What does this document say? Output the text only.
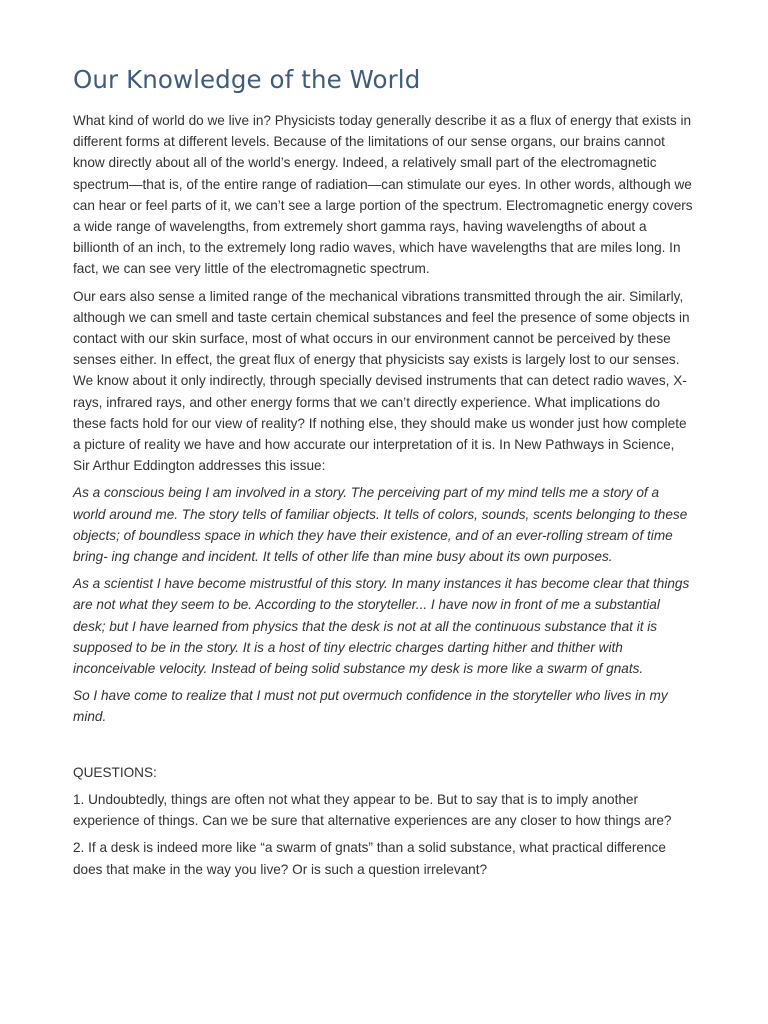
Our Knowledge of the World

What kind of world do we live in? Physicists today generally describe it as a flux of energy that exists in different forms at different levels. Because of the limitations of our sense organs, our brains cannot know directly about all of the world’s energy. Indeed, a relatively small part of the electromagnetic spectrum—that is, of the entire range of radiation—can stimulate our eyes. In other words, although we can hear or feel parts of it, we can’t see a large portion of the spectrum. Electromagnetic energy covers a wide range of wavelengths, from extremely short gamma rays, having wavelengths of about a billionth of an inch, to the extremely long radio waves, which have wavelengths that are miles long. In fact, we can see very little of the electromagnetic spectrum.

Our ears also sense a limited range of the mechanical vibrations transmitted through the air. Similarly, although we can smell and taste certain chemical substances and feel the presence of some objects in contact with our skin surface, most of what occurs in our environment cannot be perceived by these senses either. In effect, the great flux of energy that physicists say exists is largely lost to our senses. We know about it only indirectly, through specially devised instruments that can detect radio waves, X-rays, infrared rays, and other energy forms that we can’t directly experience. What implications do these facts hold for our view of reality? If nothing else, they should make us wonder just how complete a picture of reality we have and how accurate our interpretation of it is. In New Pathways in Science, Sir Arthur Eddington addresses this issue:

As a conscious being I am involved in a story. The perceiving part of my mind tells me a story of a world around me. The story tells of familiar objects. It tells of colors, sounds, scents belonging to these objects; of boundless space in which they have their existence, and of an ever-rolling stream of time bring- ing change and incident. It tells of other life than mine busy about its own purposes.

As a scientist I have become mistrustful of this story. In many instances it has become clear that things are not what they seem to be. According to the storyteller... I have now in front of me a substantial desk; but I have learned from physics that the desk is not at all the continuous substance that it is supposed to be in the story. It is a host of tiny electric charges darting hither and thither with inconceivable velocity. Instead of being solid substance my desk is more like a swarm of gnats.

So I have come to realize that I must not put overmuch confidence in the storyteller who lives in my mind.

QUESTIONS:

1. Undoubtedly, things are often not what they appear to be. But to say that is to imply another experience of things. Can we be sure that alternative experiences are any closer to how things are?

2. If a desk is indeed more like “a swarm of gnats” than a solid substance, what practical difference does that make in the way you live? Or is such a question irrelevant?
